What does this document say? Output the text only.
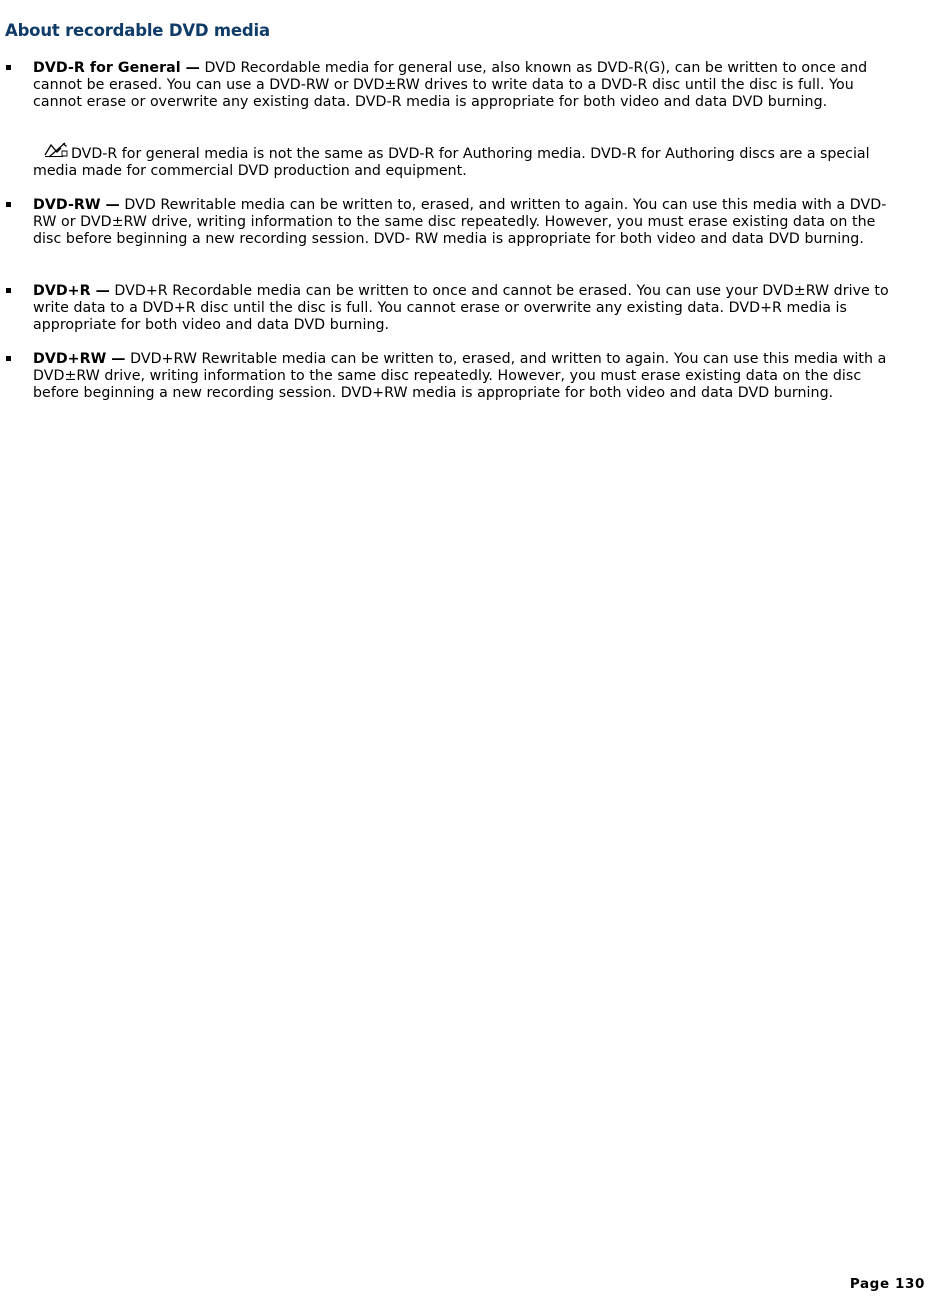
About recordable DVD media
DVD-R for General — DVD Recordable media for general use, also known as DVD-R(G), can be written to once and cannot be erased. You can use a DVD-RW or DVD±RW drives to write data to a DVD-R disc until the disc is full. You cannot erase or overwrite any existing data. DVD-R media is appropriate for both video and data DVD burning.
DVD-RW — DVD Rewritable media can be written to, erased, and written to again. You can use this media with a DVD-RW or DVD±RW drive, writing information to the same disc repeatedly. However, you must erase existing data on the disc before beginning a new recording session. DVD- RW media is appropriate for both video and data DVD burning.
DVD+R — DVD+R Recordable media can be written to once and cannot be erased. You can use your DVD±RW drive to write data to a DVD+R disc until the disc is full. You cannot erase or overwrite any existing data. DVD+R media is appropriate for both video and data DVD burning.
DVD+RW — DVD+RW Rewritable media can be written to, erased, and written to again. You can use this media with a DVD±RW drive, writing information to the same disc repeatedly. However, you must erase existing data on the disc before beginning a new recording session. DVD+RW media is appropriate for both video and data DVD burning.
DVD-R for general media is not the same as DVD-R for Authoring media. DVD-R for Authoring discs are a special media made for commercial DVD production and equipment.
Page 130
